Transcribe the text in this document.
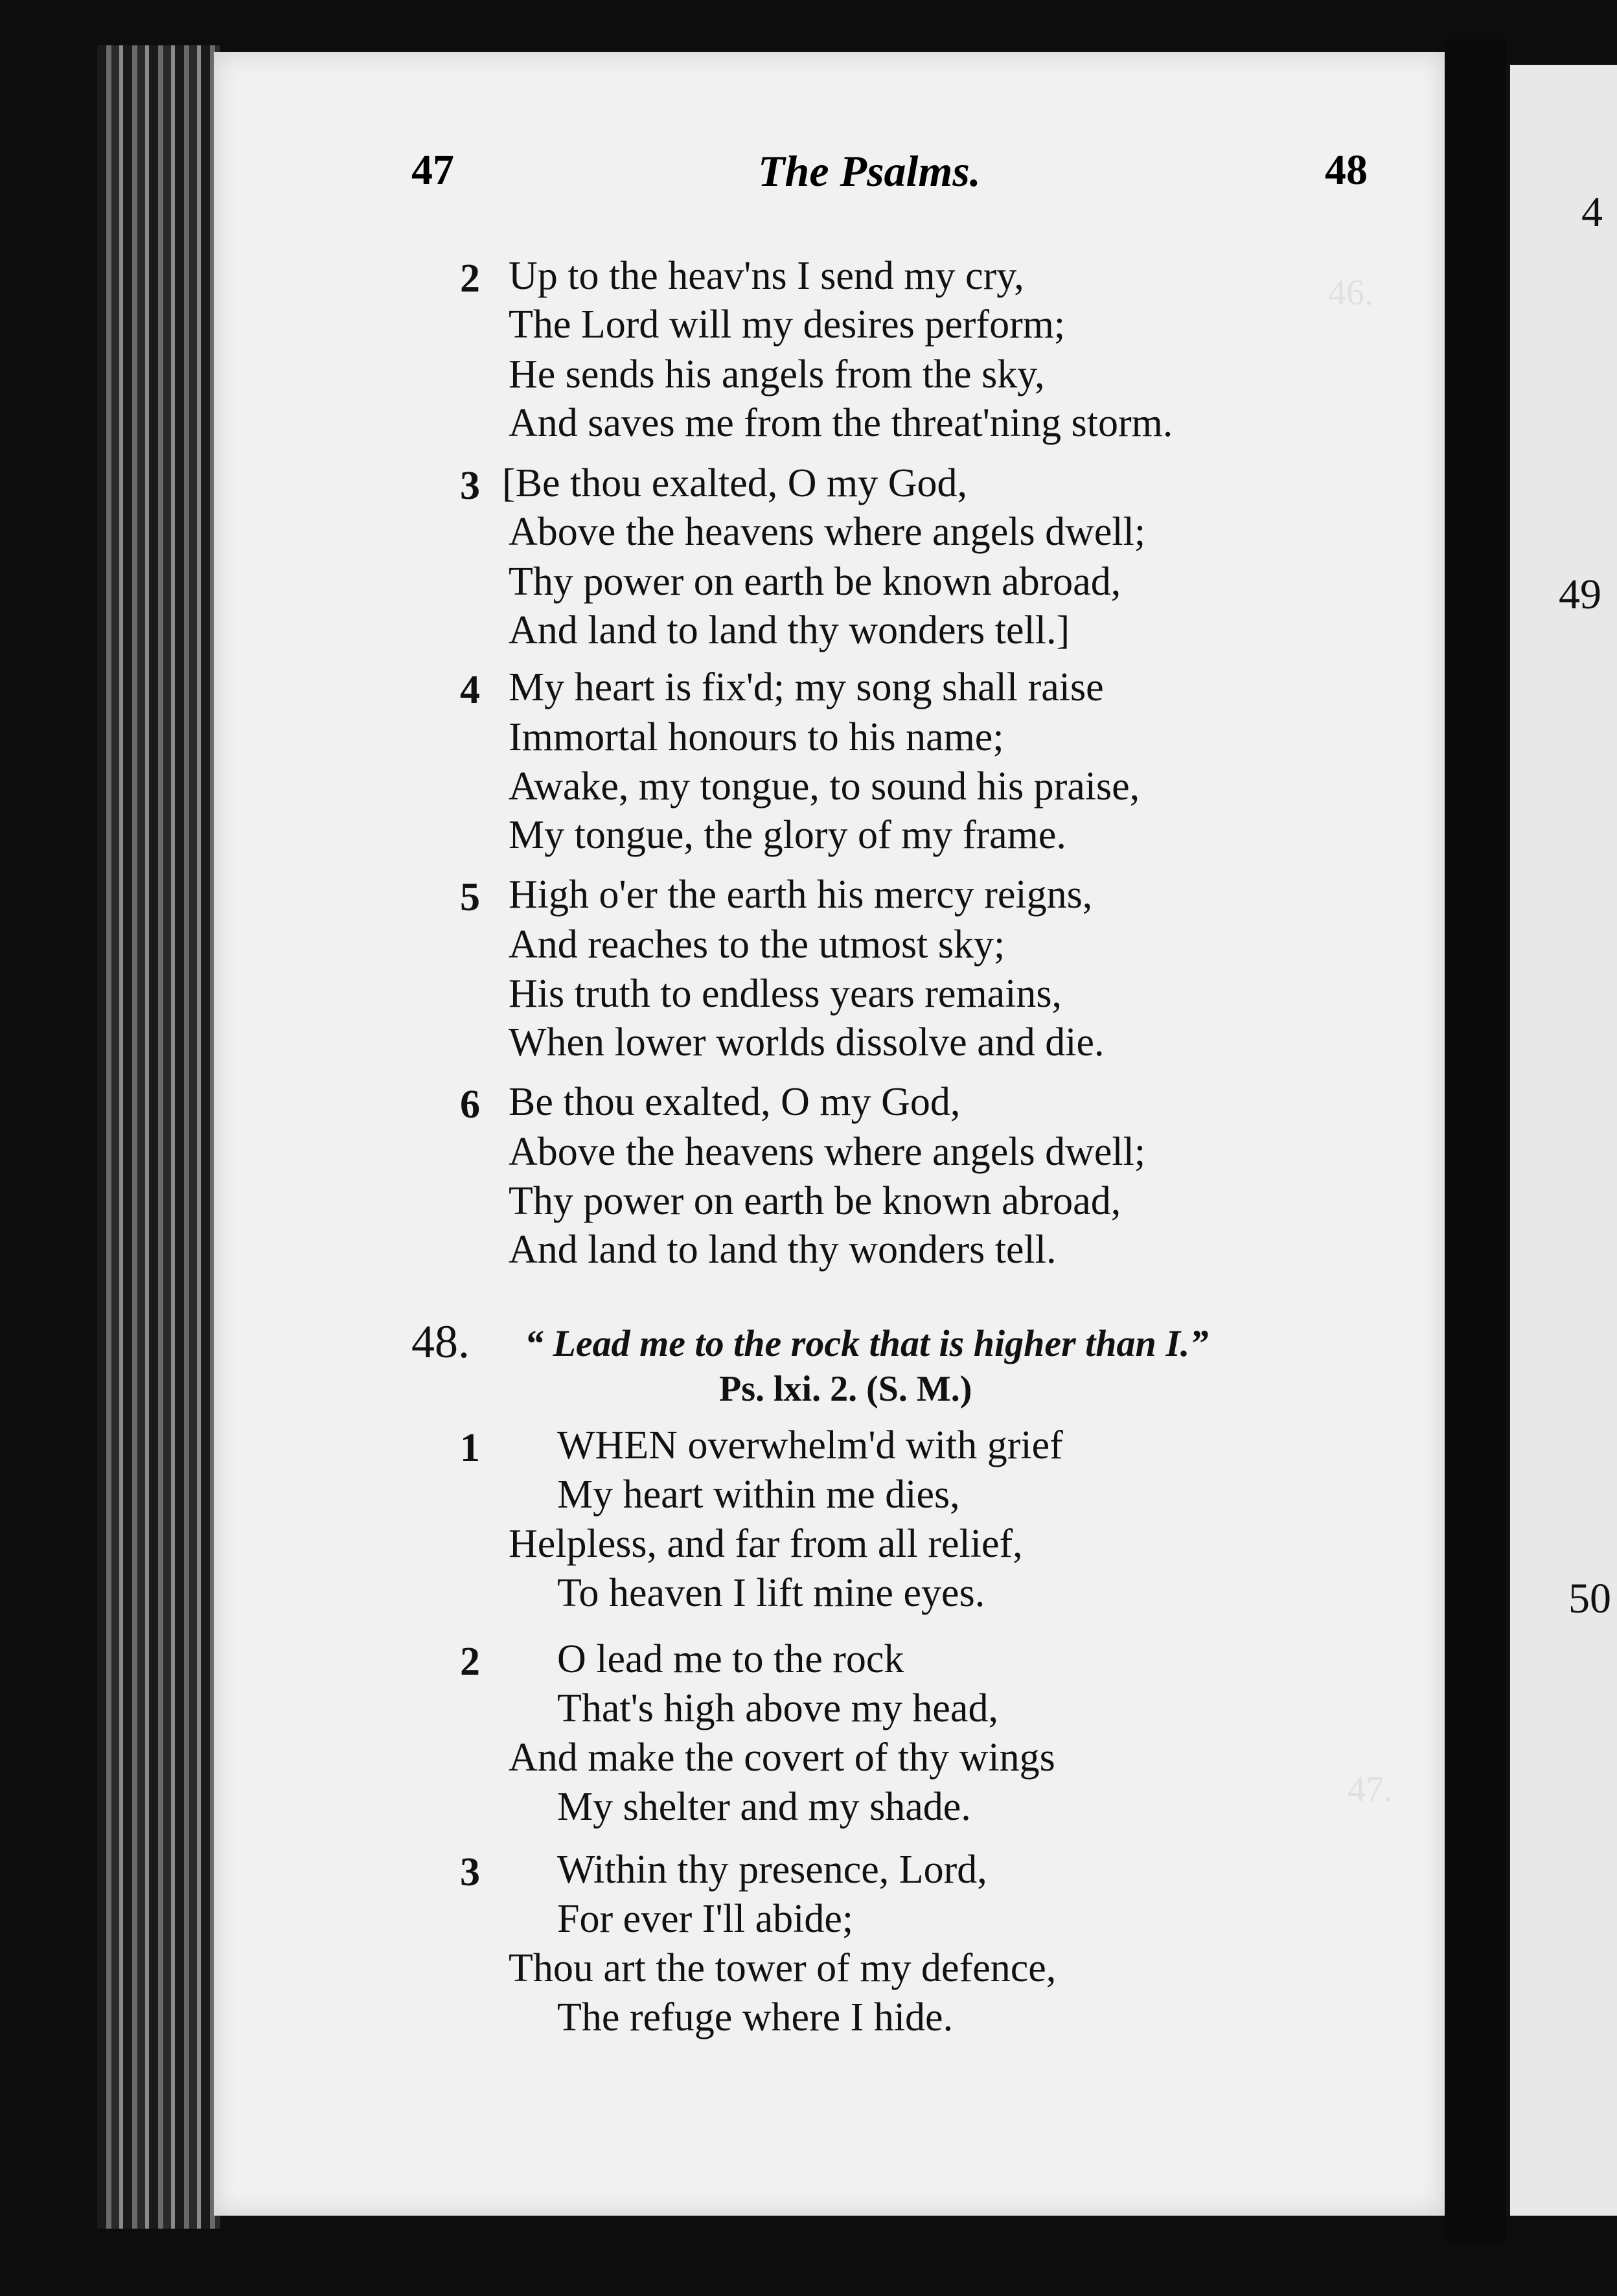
4
49
50
46.
47.
47	The Psalms.	48
2 Up to the heav'ns I send my cry,
The Lord will my desires perform;
He sends his angels from the sky,
And saves me from the threat'ning storm.
3 [Be thou exalted, O my God,
Above the heavens where angels dwell;
Thy power on earth be known abroad,
And land to land thy wonders tell.]
4 My heart is fix'd; my song shall raise
Immortal honours to his name;
Awake, my tongue, to sound his praise,
My tongue, the glory of my frame.
5 High o'er the earth his mercy reigns,
And reaches to the utmost sky;
His truth to endless years remains,
When lower worlds dissolve and die.
6 Be thou exalted, O my God,
Above the heavens where angels dwell;
Thy power on earth be known abroad,
And land to land thy wonders tell.
48. “ Lead me to the rock that is higher than I.”
Ps. lxi. 2. (S. M.)
1 WHEN overwhelm'd with grief
My heart within me dies,
Helpless, and far from all relief,
To heaven I lift mine eyes.
2 O lead me to the rock
That's high above my head,
And make the covert of thy wings
My shelter and my shade.
3 Within thy presence, Lord,
For ever I'll abide;
Thou art the tower of my defence,
The refuge where I hide.
